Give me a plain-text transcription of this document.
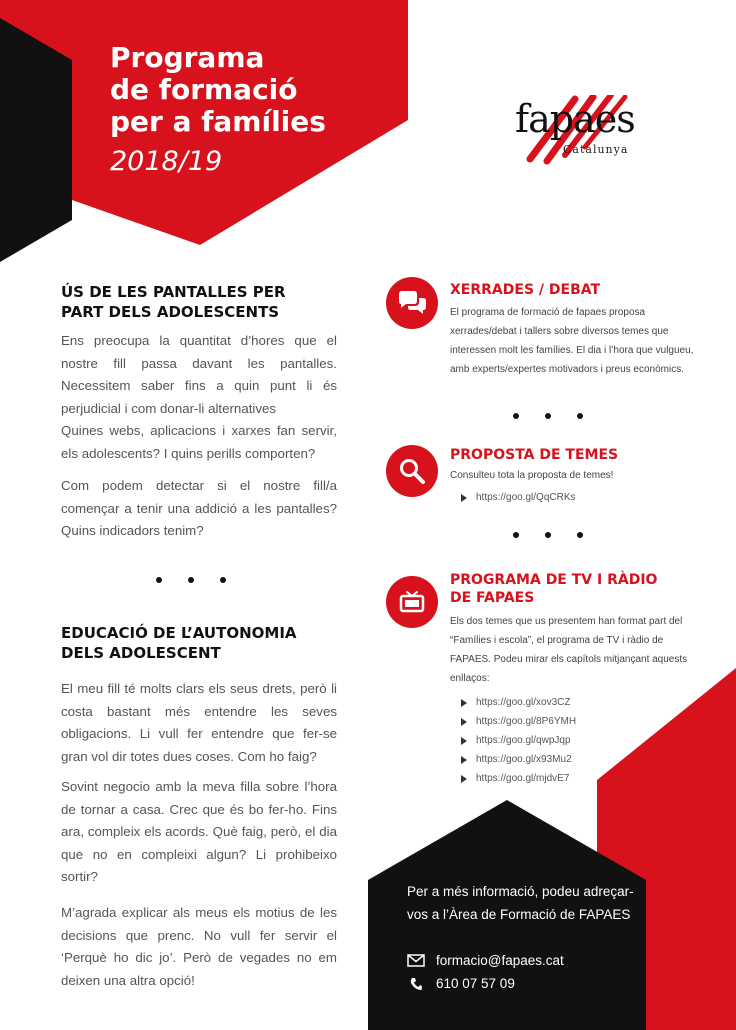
Programa
de formació
per a famílies
2018/19
fapaes
Catalunya
ÚS DE LES PANTALLES PER
PART DELS ADOLESCENTS

Ens preocupa la quantitat d’hores que el nostre fill passa davant les pantalles. Necessitem saber fins a quin punt li és perjudicial i com donar-li alternatives

Quines webs, aplicacions i xarxes fan servir, els adolescents? I quins perills comporten?

Com podem detectar si el nostre fill/a començar a tenir una addició a les pantalles? Quins indicadors tenim?

EDUCACIÓ DE L’AUTONOMIA
DELS ADOLESCENT

El meu fill té molts clars els seus drets, però li costa bastant més entendre les seves obligacions. Li vull fer entendre que fer-se gran vol dir totes dues coses. Com ho faig?

Sovint negocio amb la meva filla sobre l’hora de tornar a casa. Crec que és bo fer-ho. Fins ara, compleix els acords. Què faig, però, el dia que no en compleixi algun? Li prohibeixo sortir?

M’agrada explicar als meus els motius de les decisions que prenc. No vull fer servir el ‘Perquè ho dic jo’. Però de vegades no em deixen una altra opció!

XERRADES / DEBAT

El programa de formació de fapaes proposa xerrades/debat i tallers sobre diversos temes que interessen molt les famílies. El dia i l’hora que vulgueu, amb experts/expertes motivadors i preus econòmics.

PROPOSTA DE TEMES

Consulteu tota la proposta de temes!

https://goo.gl/QqCRKs
PROGRAMA DE TV I RÀDIO
DE FAPAES

Els dos temes que us presentem han format part del “Famílies i escola”, el programa de TV i ràdio de FAPAES. Podeu mirar els capítols mitjançant aquests enllaços:

https://goo.gl/xov3CZ
https://goo.gl/8P6YMH
https://goo.gl/qwpJqp
https://goo.gl/x93Mu2
https://goo.gl/mjdvE7
Per a més informació, podeu adreçar-vos a l’Àrea de Formació de FAPAES
formacio@fapaes.cat
610 07 57 09
